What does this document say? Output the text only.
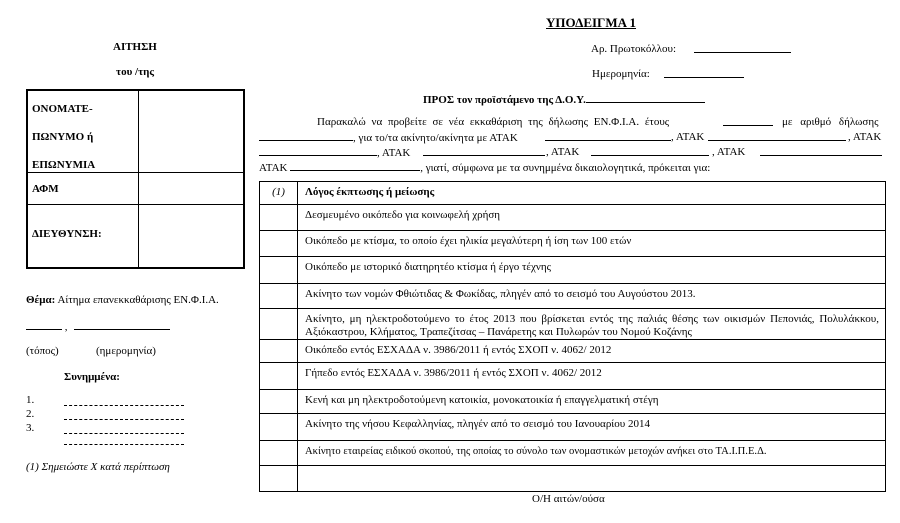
ΑΙΤΗΣΗ
του /της
ΟΝΟΜΑΤΕ-
ΠΩΝΥΜΟ ή
ΕΠΩΝΥΜΙΑ
ΑΦΜ
ΔΙΕΥΘΥΝΣΗ:
Θέμα: Αίτημα επανεκκαθάρισης ΕΝ.Φ.Ι.Α.
,
(τόπος)	(ημερομηνία)
Συνημμένα:
1.
2.
3.
(1) Σημειώστε Χ κατά περίπτωση
ΥΠΟΔΕΙΓΜΑ 1
Αρ. Πρωτοκόλλου:
Ημερομηνία:
ΠΡΟΣ τον προϊστάμενο της Δ.Ο.Υ.
Παρακαλώ να προβείτε σε νέα εκκαθάριση της δήλωσης ΕΝ.Φ.Ι.Α. έτους	με αριθμό δήλωσης
, για το/τα ακίνητο/ακίνητα με ΑΤΑΚ	, ΑΤΑΚ	, ΑΤΑΚ
, ΑΤΑΚ	, ΑΤΑΚ	, ΑΤΑΚ
ΑΤΑΚ	, γιατί, σύμφωνα με τα συνημμένα δικαιολογητικά, πρόκειται για:
(1)	Λόγος έκπτωσης ή μείωσης
Δεσμευμένο οικόπεδο για κοινωφελή χρήση
Οικόπεδο με κτίσμα, το οποίο έχει ηλικία μεγαλύτερη ή ίση των 100 ετών
Οικόπεδο με ιστορικό διατηρητέο κτίσμα ή έργο τέχνης
Ακίνητο των νομών Φθιώτιδας & Φωκίδας, πληγέν από το σεισμό του Αυγούστου 2013.
Ακίνητο, μη ηλεκτροδοτούμενο το έτος 2013 που βρίσκεται εντός της παλιάς θέσης των οικισμών Πεπονιάς, Πολυλάκκου, Αξιόκαστρου, Κλήματος, Τραπεζίτσας – Πανάρετης και Πυλωρών του Νομού Κοζάνης
Οικόπεδο εντός ΕΣΧΑΔΑ ν. 3986/2011 ή εντός ΣΧΟΠ ν. 4062/ 2012
Γήπεδο εντός ΕΣΧΑΔΑ ν. 3986/2011 ή εντός ΣΧΟΠ ν. 4062/ 2012
Κενή και μη ηλεκτροδοτούμενη κατοικία, μονοκατοικία ή επαγγελματική στέγη
Ακίνητο της νήσου Κεφαλληνίας, πληγέν από το σεισμό του Ιανουαρίου 2014
Ακίνητο εταιρείας ειδικού σκοπού, της οποίας το σύνολο των ονομαστικών μετοχών ανήκει στο ΤΑ.Ι.Π.Ε.Δ.
Ο/Η αιτών/ούσα
